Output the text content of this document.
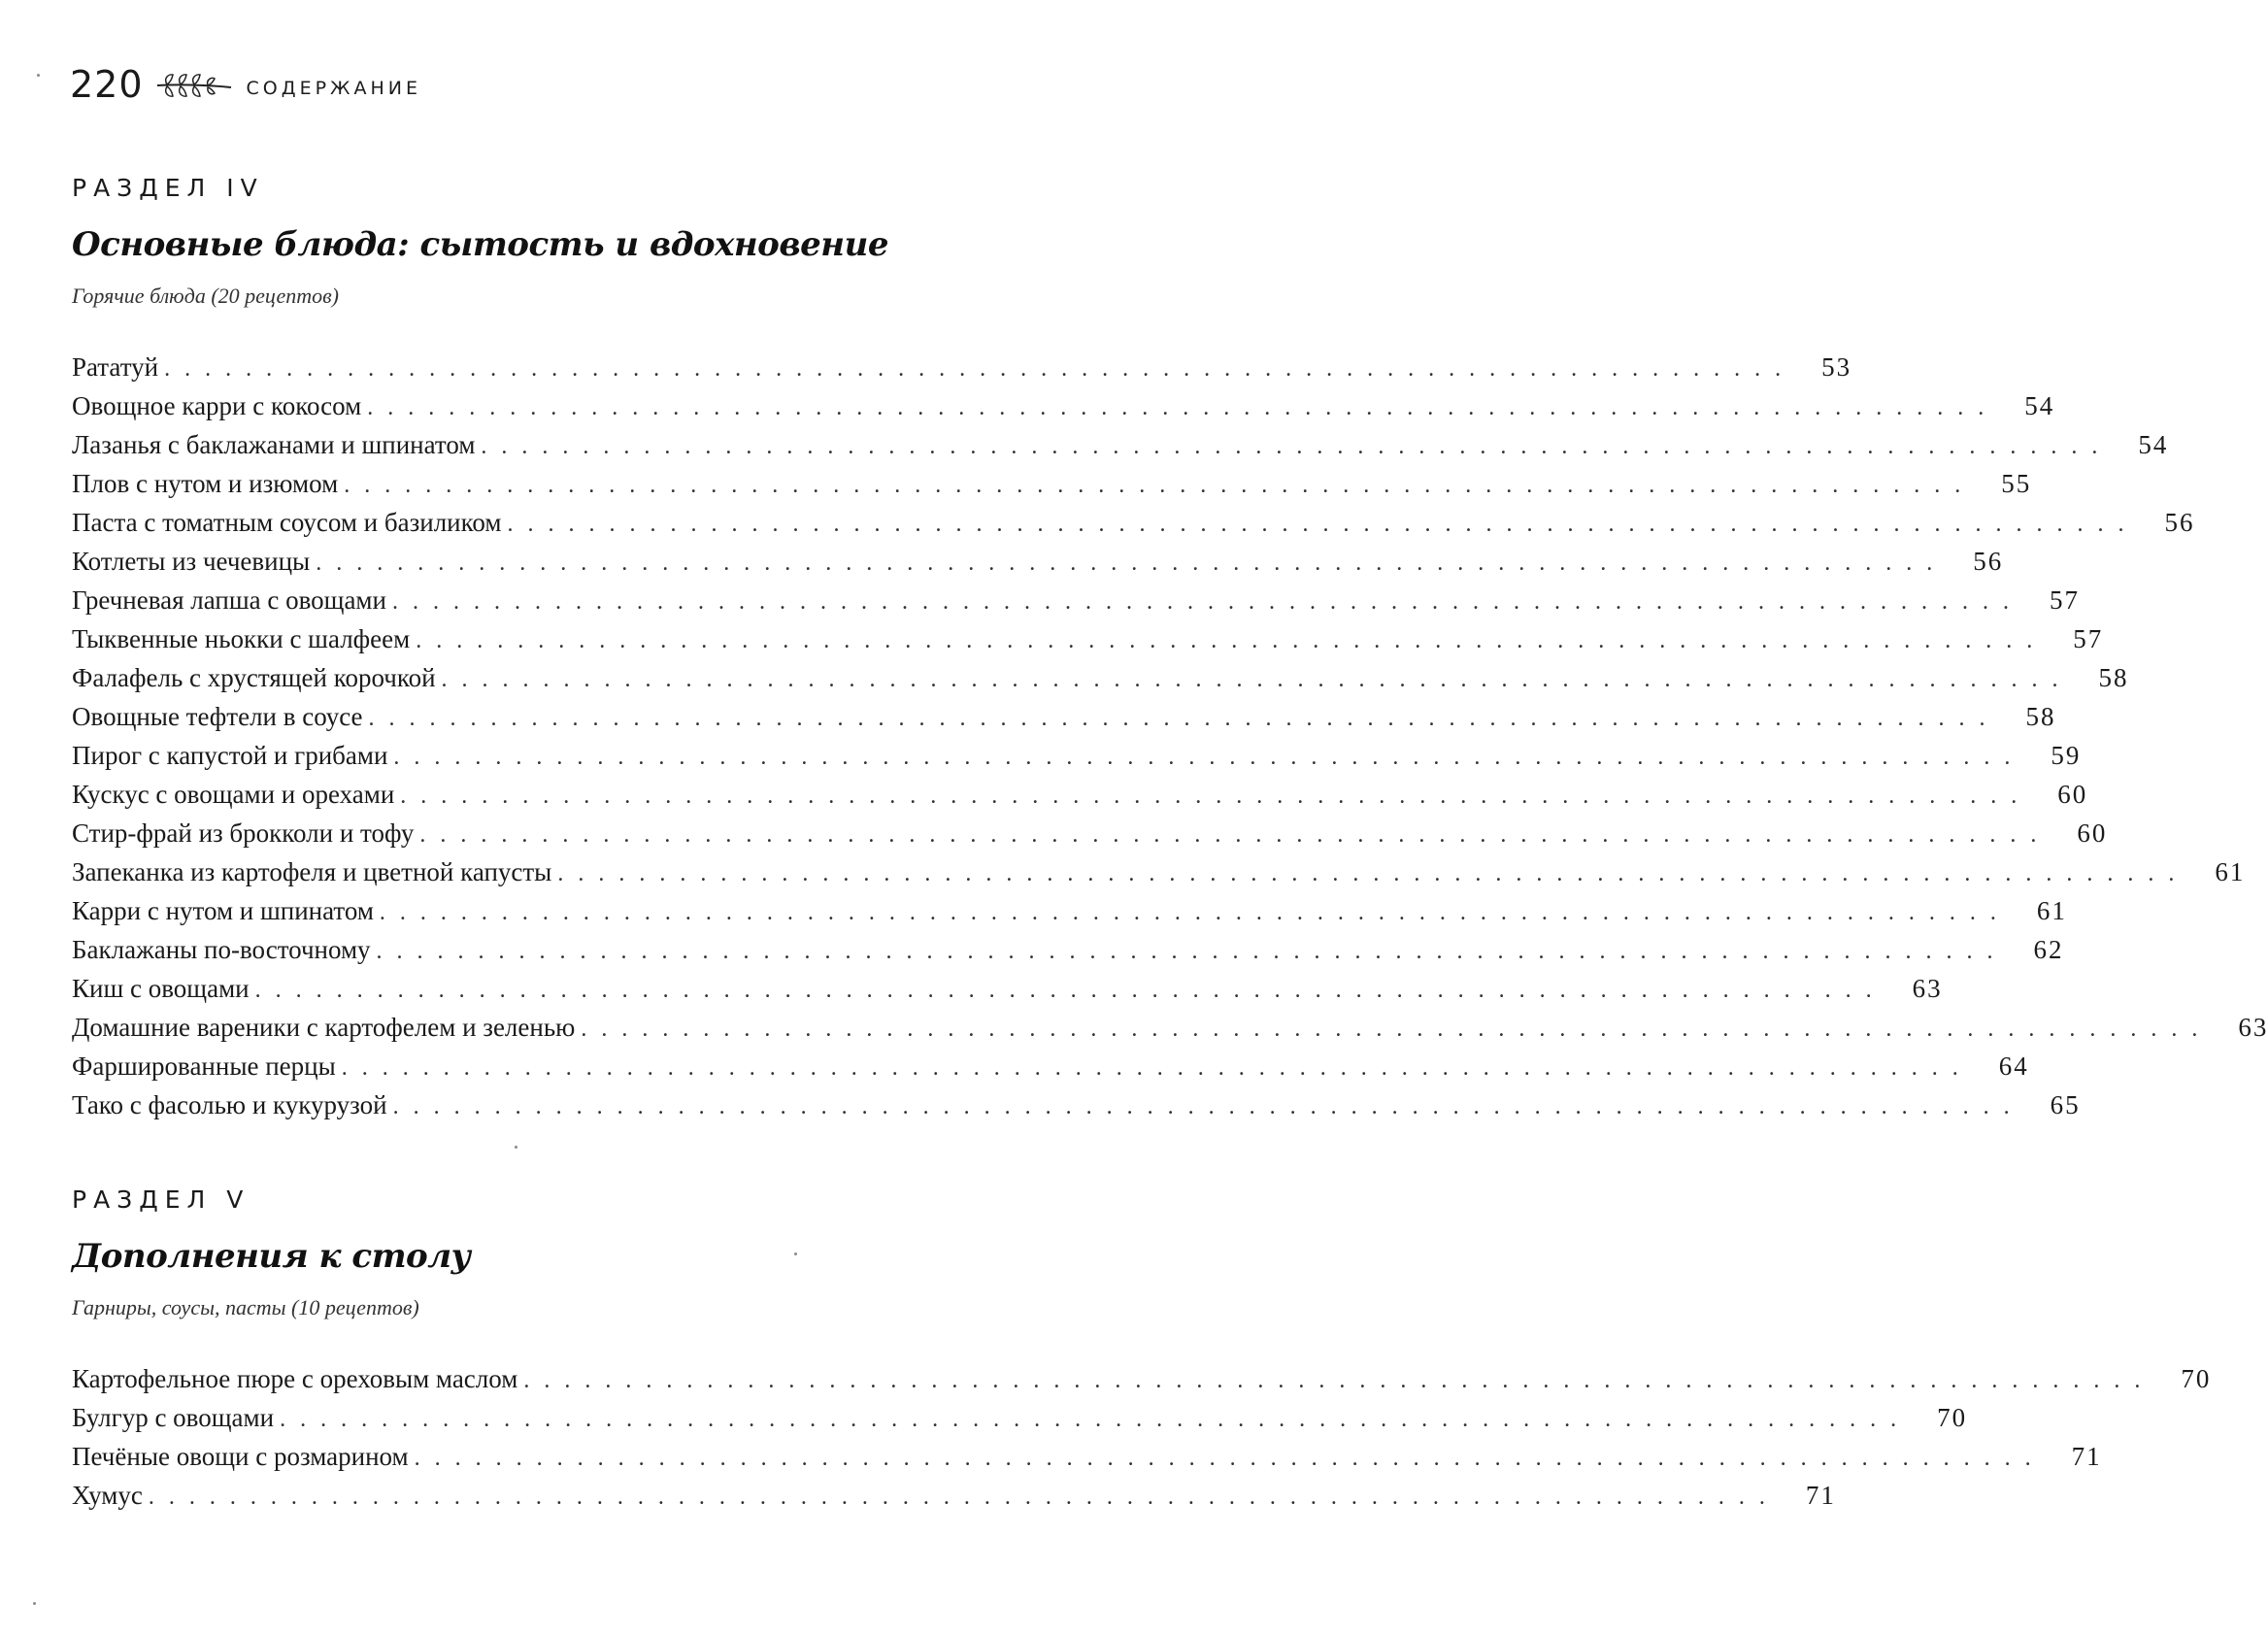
220	СОДЕРЖАНИЕ
РАЗДЕЛ IV
Основные блюда: сытость и вдохновение
Горячие блюда (20 рецептов)
Рататуй ................................................................................	53
Овощное карри с кокосом ................................................................................	54
Лазанья с баклажанами и шпинатом ................................................................................	54
Плов с нутом и изюмом ................................................................................	55
Паста с томатным соусом и базиликом ................................................................................	56
Котлеты из чечевицы ................................................................................	56
Гречневая лапша с овощами ................................................................................	57
Тыквенные ньокки с шалфеем ................................................................................	57
Фалафель с хрустящей корочкой ................................................................................	58
Овощные тефтели в соусе ................................................................................	58
Пирог с капустой и грибами ................................................................................	59
Кускус с овощами и орехами ................................................................................	60
Стир-фрай из брокколи и тофу ................................................................................	60
Запеканка из картофеля и цветной капусты ................................................................................	61
Карри с нутом и шпинатом ................................................................................	61
Баклажаны по-восточному ................................................................................	62
Киш с овощами ................................................................................	63
Домашние вареники с картофелем и зеленью ................................................................................	63
Фаршированные перцы ................................................................................	64
Тако с фасолью и кукурузой ................................................................................	65
РАЗДЕЛ V
Дополнения к столу
Гарниры, соусы, пасты (10 рецептов)
Картофельное пюре с ореховым маслом ................................................................................	70
Булгур с овощами ................................................................................	70
Печёные овощи с розмарином ................................................................................	71
Хумус ................................................................................	71
